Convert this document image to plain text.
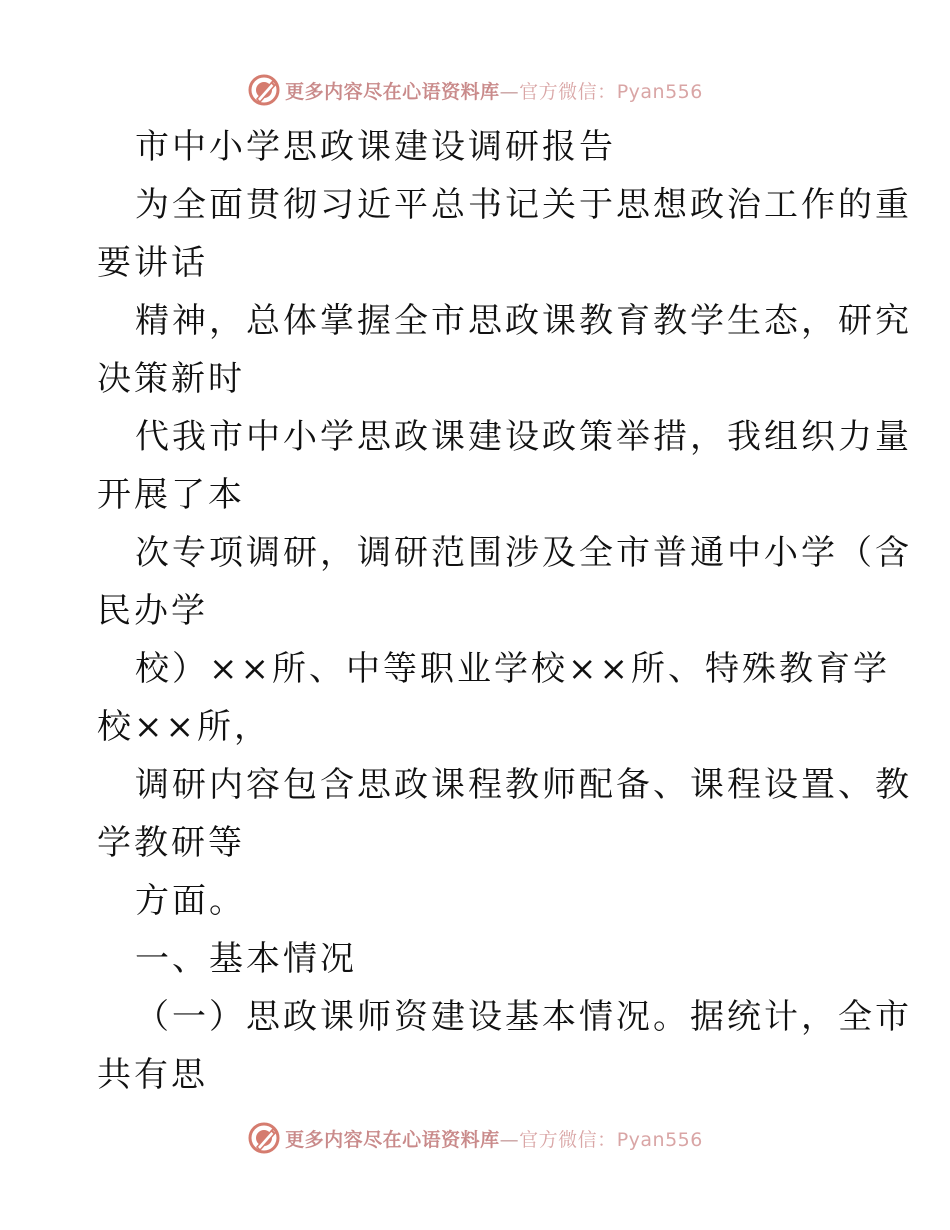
更多内容尽在心语资料库—官方微信：Pyan556
市中小学思政课建设调研报告
为全面贯彻习近平总书记关于思想政治工作的重
要讲话
精神，总体掌握全市思政课教育教学生态，研究
决策新时
代我市中小学思政课建设政策举措，我组织力量
开展了本
次专项调研，调研范围涉及全市普通中小学（含
民办学
校）××所、中等职业学校××所、特殊教育学
校××所，
调研内容包含思政课程教师配备、课程设置、教
学教研等
方面。
一、基本情况
（一）思政课师资建设基本情况。据统计，全市
共有思
更多内容尽在心语资料库—官方微信：Pyan556
